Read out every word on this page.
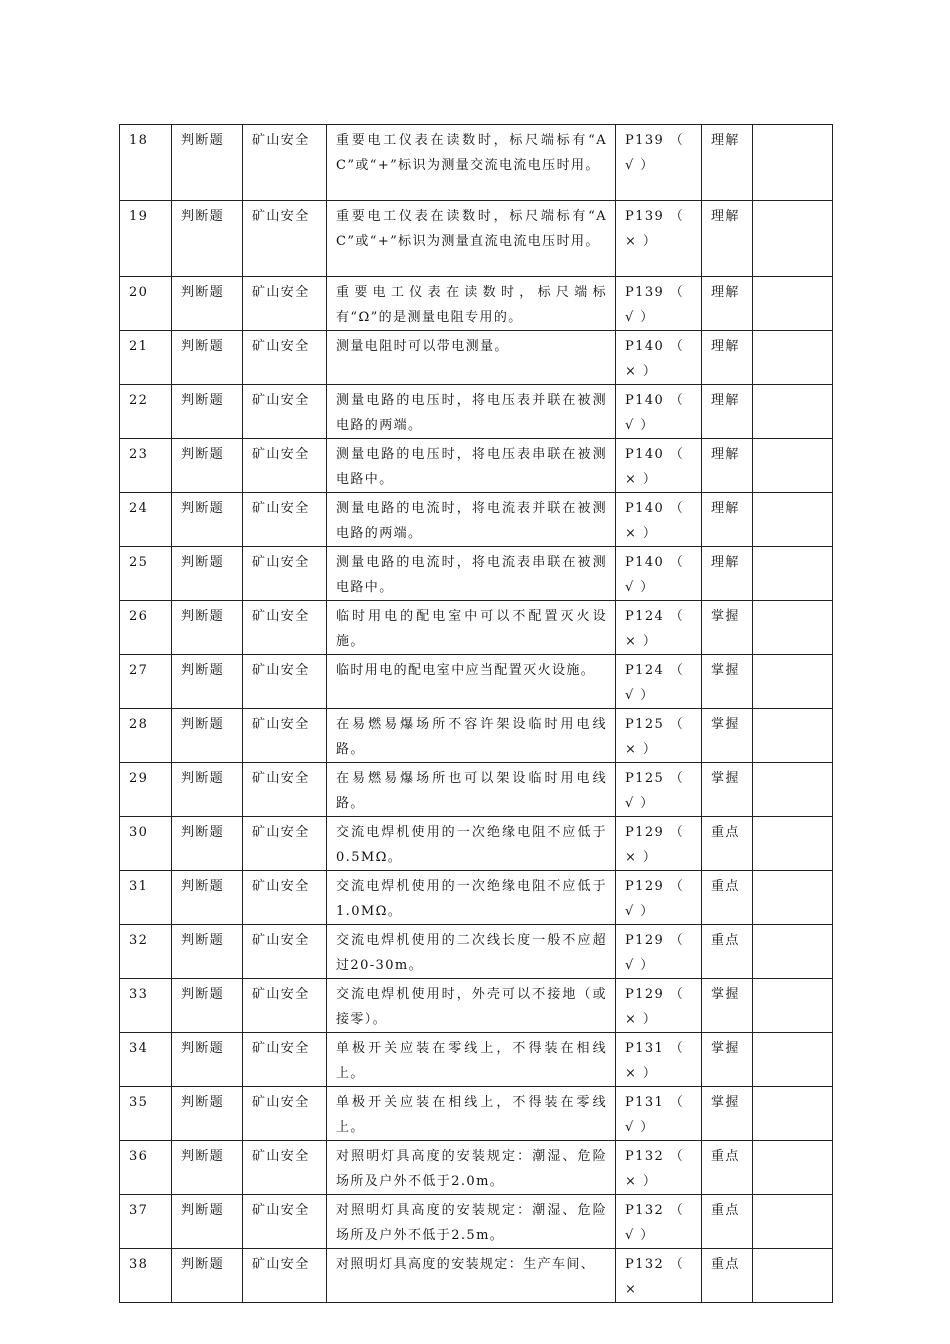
18	判断题	矿山安全	重要电工仪表在读数时，标尺端标有“AC”或“+”标识为测量交流电流电压时用。	P139 （ √ ）	理解	
19	判断题	矿山安全	重要电工仪表在读数时，标尺端标有“AC”或“+”标识为测量直流电流电压时用。	P139 （ × ）	理解	
20	判断题	矿山安全	重要电工仪表在读数时，标尺端标有“Ω”的是测量电阻专用的。	P139 （ √ ）	理解	
21	判断题	矿山安全	测量电阻时可以带电测量。	P140 （ × ）	理解	
22	判断题	矿山安全	测量电路的电压时，将电压表并联在被测电路的两端。	P140 （ √ ）	理解	
23	判断题	矿山安全	测量电路的电压时，将电压表串联在被测电路中。	P140 （ × ）	理解	
24	判断题	矿山安全	测量电路的电流时，将电流表并联在被测电路的两端。	P140 （ × ）	理解	
25	判断题	矿山安全	测量电路的电流时，将电流表串联在被测电路中。	P140 （ √ ）	理解	
26	判断题	矿山安全	临时用电的配电室中可以不配置灭火设施。	P124 （ × ）	掌握	
27	判断题	矿山安全	临时用电的配电室中应当配置灭火设施。	P124 （ √ ）	掌握	
28	判断题	矿山安全	在易燃易爆场所不容许架设临时用电线路。	P125 （ × ）	掌握	
29	判断题	矿山安全	在易燃易爆场所也可以架设临时用电线路。	P125 （ √ ）	掌握	
30	判断题	矿山安全	交流电焊机使用的一次绝缘电阻不应低于0.5MΩ。	P129 （ × ）	重点	
31	判断题	矿山安全	交流电焊机使用的一次绝缘电阻不应低于1.0MΩ。	P129 （ √ ）	重点	
32	判断题	矿山安全	交流电焊机使用的二次线长度一般不应超过20-30m。	P129 （ √ ）	重点	
33	判断题	矿山安全	交流电焊机使用时，外壳可以不接地（或接零）。	P129 （ × ）	掌握	
34	判断题	矿山安全	单极开关应装在零线上，不得装在相线上。	P131 （ × ）	掌握	
35	判断题	矿山安全	单极开关应装在相线上，不得装在零线上。	P131 （ √ ）	掌握	
36	判断题	矿山安全	对照明灯具高度的安装规定：潮湿、危险场所及户外不低于2.0m。	P132 （ × ）	重点	
37	判断题	矿山安全	对照明灯具高度的安装规定：潮湿、危险场所及户外不低于2.5m。	P132 （ √ ）	重点	
38	判断题	矿山安全	对照明灯具高度的安装规定：生产车间、	P132 （ ×	重点	
